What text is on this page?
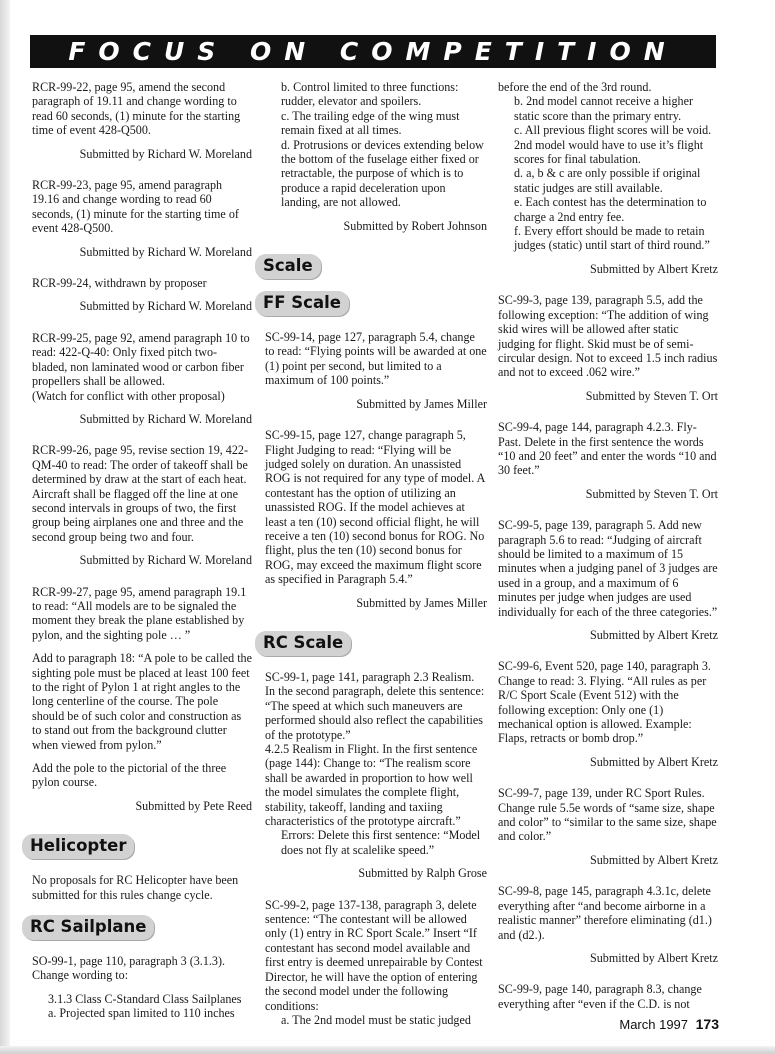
FOCUS ON COMPETITION

RCR-99-22, page 95, amend the second paragraph of 19.11 and change wording to read 60 seconds, (1) minute for the starting time of event 428-Q500.

Submitted by Richard W. Moreland

RCR-99-23, page 95, amend paragraph 19.16 and change wording to read 60 seconds, (1) minute for the starting time of event 428-Q500.

Submitted by Richard W. Moreland

RCR-99-24, withdrawn by proposer

Submitted by Richard W. Moreland

RCR-99-25, page 92, amend paragraph 10 to read: 422-Q-40: Only fixed pitch two-bladed, non laminated wood or carbon fiber propellers shall be allowed.

(Watch for conflict with other proposal)

Submitted by Richard W. Moreland

RCR-99-26, page 95, revise section 19, 422-QM-40 to read: The order of takeoff shall be determined by draw at the start of each heat. Aircraft shall be flagged off the line at one second intervals in groups of two, the first group being airplanes one and three and the second group being two and four.

Submitted by Richard W. Moreland

RCR-99-27, page 95, amend paragraph 19.1 to read: “All models are to be signaled the moment they break the plane established by pylon, and the sighting pole … ”

Add to paragraph 18: “A pole to be called the sighting pole must be placed at least 100 feet to the right of Pylon 1 at right angles to the long centerline of the course. The pole should be of such color and construction as to stand out from the background clutter when viewed from pylon.”

Add the pole to the pictorial of the three pylon course.

Submitted by Pete Reed

Helicopter

No proposals for RC Helicopter have been submitted for this rules change cycle.

RC Sailplane

SO-99-1, page 110, paragraph 3 (3.1.3). Change wording to:

3.1.3 Class C-Standard Class Sailplanes
a. Projected span limited to 110 inches

b. Control limited to three functions: rudder, elevator and spoilers.

c. The trailing edge of the wing must remain fixed at all times.

d. Protrusions or devices extending below the bottom of the fuselage either fixed or retractable, the purpose of which is to produce a rapid deceleration upon landing, are not allowed.

Submitted by Robert Johnson

Scale
FF Scale

SC-99-14, page 127, paragraph 5.4, change to read: “Flying points will be awarded at one (1) point per second, but limited to a maximum of 100 points.”

Submitted by James Miller

SC-99-15, page 127, change paragraph 5, Flight Judging to read: “Flying will be judged solely on duration. An unassisted ROG is not required for any type of model. A contestant has the option of utilizing an unassisted ROG. If the model achieves at least a ten (10) second official flight, he will receive a ten (10) second bonus for ROG. No flight, plus the ten (10) second bonus for ROG, may exceed the maximum flight score as specified in Paragraph 5.4.”

Submitted by James Miller

RC Scale

SC-99-1, page 141, paragraph 2.3 Realism. In the second paragraph, delete this sentence: “The speed at which such maneuvers are performed should also reflect the capabilities of the prototype.”

4.2.5 Realism in Flight. In the first sentence (page 144): Change to: “The realism score shall be awarded in proportion to how well the model simulates the complete flight, stability, takeoff, landing and taxiing characteristics of the prototype aircraft.”

Errors: Delete this first sentence: “Model does not fly at scalelike speed.”

Submitted by Ralph Grose

SC-99-2, page 137-138, paragraph 3, delete sentence: “The contestant will be allowed only (1) entry in RC Sport Scale.” Insert “If contestant has second model available and first entry is deemed unrepairable by Contest Director, he will have the option of entering the second model under the following conditions:

a. The 2nd model must be static judged

before the end of the 3rd round.

b. 2nd model cannot receive a higher static score than the primary entry.

c. All previous flight scores will be void. 2nd model would have to use it’s flight scores for final tabulation.

d. a, b & c are only possible if original static judges are still available.

e. Each contest has the determination to charge a 2nd entry fee.

f. Every effort should be made to retain judges (static) until start of third round.”

Submitted by Albert Kretz

SC-99-3, page 139, paragraph 5.5, add the following exception: “The addition of wing skid wires will be allowed after static judging for flight. Skid must be of semi-circular design. Not to exceed 1.5 inch radius and not to exceed .062 wire.”

Submitted by Steven T. Ort

SC-99-4, page 144, paragraph 4.2.3. Fly-Past. Delete in the first sentence the words “10 and 20 feet” and enter the words “10 and 30 feet.”

Submitted by Steven T. Ort

SC-99-5, page 139, paragraph 5. Add new paragraph 5.6 to read: “Judging of aircraft should be limited to a maximum of 15 minutes when a judging panel of 3 judges are used in a group, and a maximum of 6 minutes per judge when judges are used individually for each of the three categories.”

Submitted by Albert Kretz

SC-99-6, Event 520, page 140, paragraph 3. Change to read: 3. Flying. “All rules as per R/C Sport Scale (Event 512) with the following exception: Only one (1) mechanical option is allowed. Example: Flaps, retracts or bomb drop.”

Submitted by Albert Kretz

SC-99-7, page 139, under RC Sport Rules. Change rule 5.5e words of “same size, shape and color” to “similar to the same size, shape and color.”

Submitted by Albert Kretz

SC-99-8, page 145, paragraph 4.3.1c, delete everything after “and become airborne in a realistic manner” therefore eliminating (d1.) and (d2.).

Submitted by Albert Kretz

SC-99-9, page 140, paragraph 8.3, change everything after “even if the C.D. is not

March 1997 173
